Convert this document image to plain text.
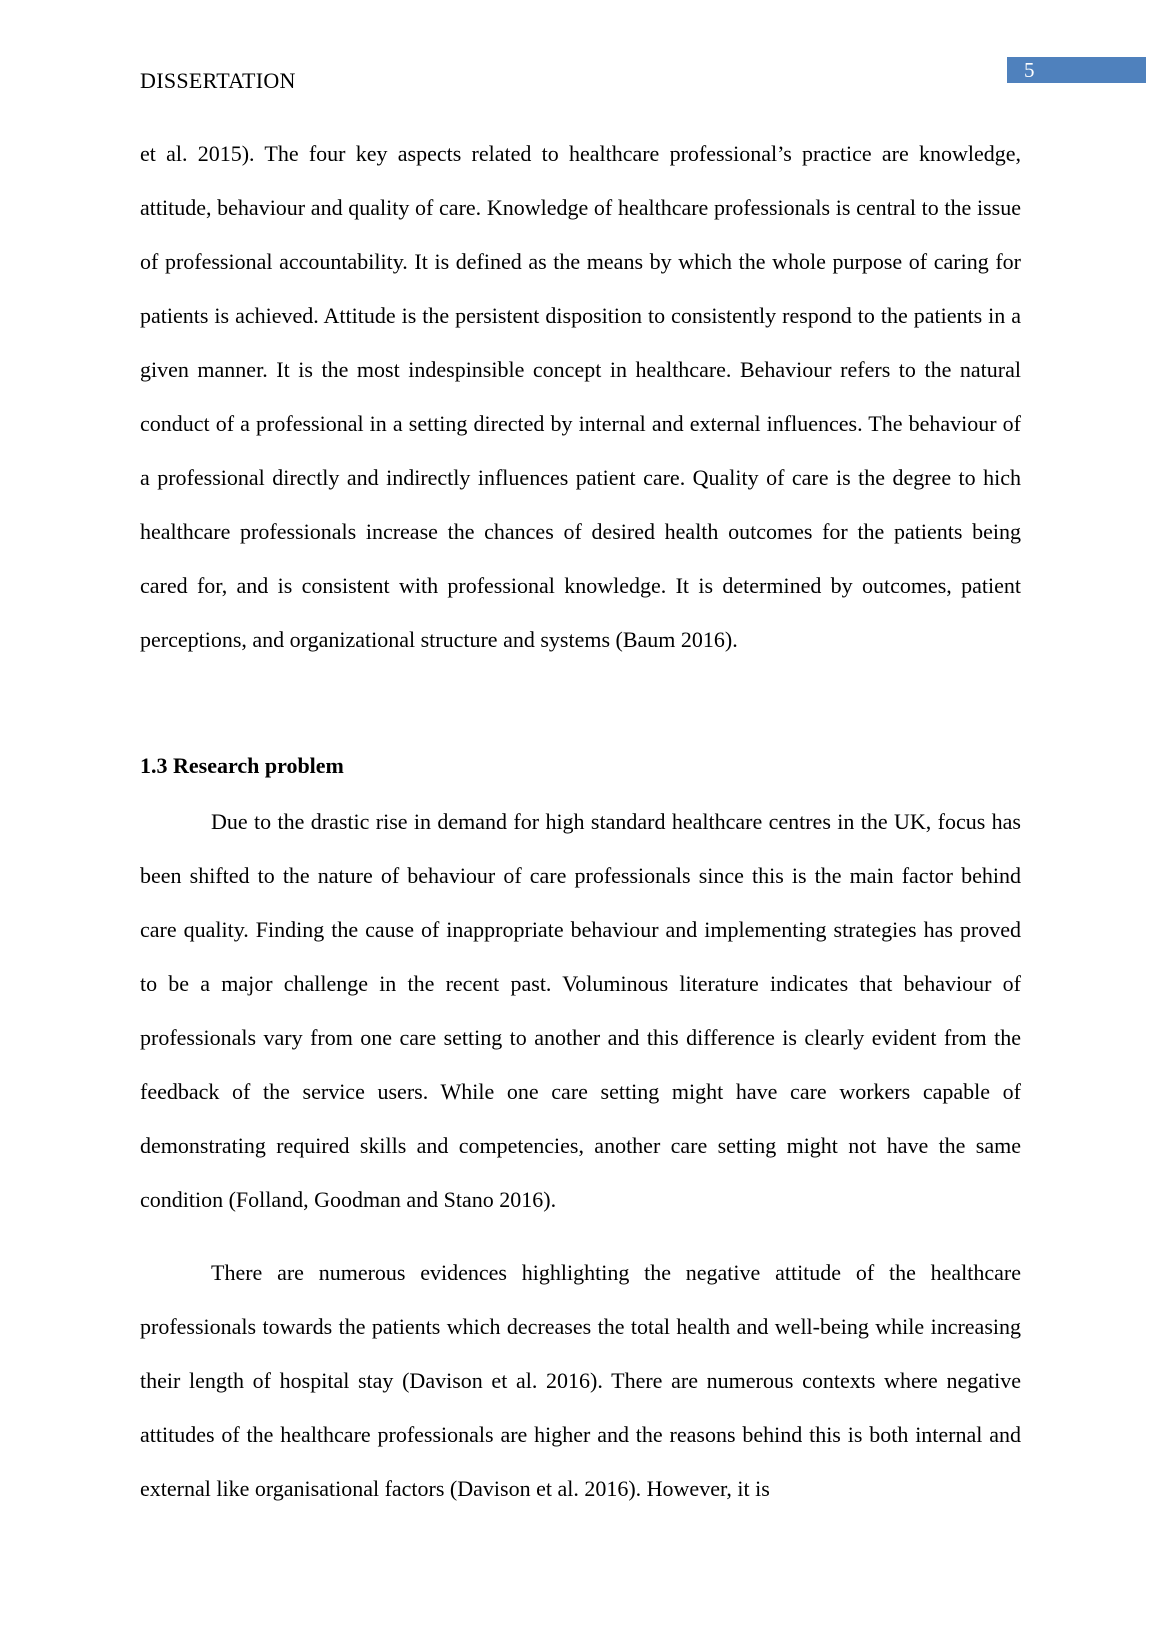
DISSERTATION	5

et al. 2015). The four key aspects related to healthcare professional’s practice are knowledge, attitude, behaviour and quality of care. Knowledge of healthcare professionals is central to the issue of professional accountability. It is defined as the means by which the whole purpose of caring for patients is achieved. Attitude is the persistent disposition to consistently respond to the patients in a given manner. It is the most indespinsible concept in healthcare. Behaviour refers to the natural conduct of a professional in a setting directed by internal and external influences. The behaviour of a professional directly and indirectly influences patient care. Quality of care is the degree to hich healthcare professionals increase the chances of desired health outcomes for the patients being cared for, and is consistent with professional knowledge. It is determined by outcomes, patient perceptions, and organizational structure and systems (Baum 2016).

1.3 Research problem

Due to the drastic rise in demand for high standard healthcare centres in the UK, focus has been shifted to the nature of behaviour of care professionals since this is the main factor behind care quality. Finding the cause of inappropriate behaviour and implementing strategies has proved to be a major challenge in the recent past. Voluminous literature indicates that behaviour of professionals vary from one care setting to another and this difference is clearly evident from the feedback of the service users. While one care setting might have care workers capable of demonstrating required skills and competencies, another care setting might not have the same condition (Folland, Goodman and Stano 2016).

There are numerous evidences highlighting the negative attitude of the healthcare professionals towards the patients which decreases the total health and well-being while increasing their length of hospital stay (Davison et al. 2016). There are numerous contexts where negative attitudes of the healthcare professionals are higher and the reasons behind this is both internal and external like organisational factors (Davison et al. 2016). However, it is
